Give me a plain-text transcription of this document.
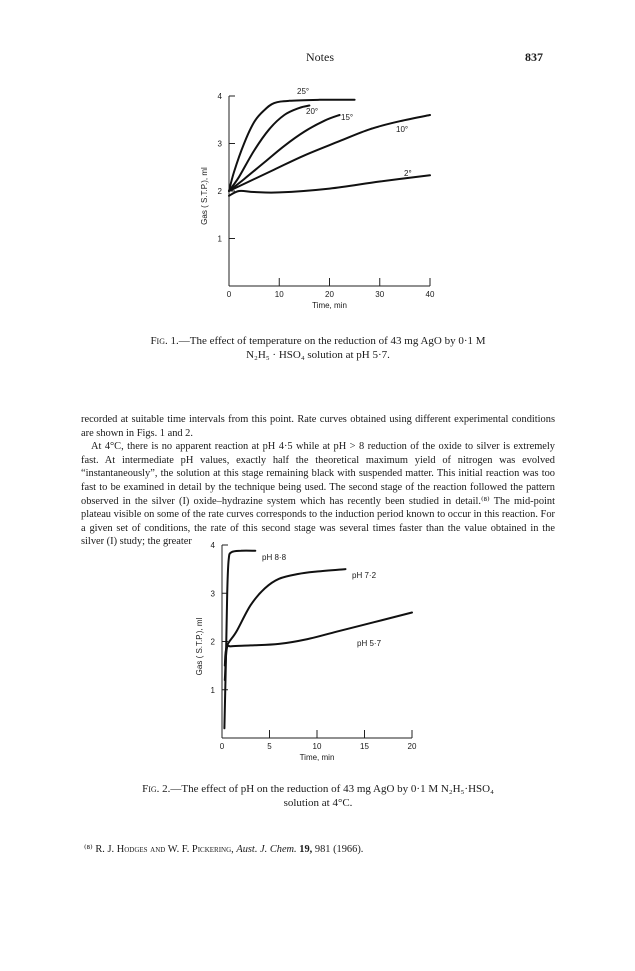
Notes	837
1
2
3
4
0	10	20	30	40
Time, min
Gas ( S.T.P.), ml
25°
20°
15°
10°
2°
Fig. 1.—The effect of temperature on the reduction of 43 mg AgO by 0·1 M
N₂H₅ · HSO₄ solution at pH 5·7.

recorded at suitable time intervals from this point. Rate curves obtained using different experimental conditions are shown in Figs. 1 and 2.

At 4°C, there is no apparent reaction at pH 4·5 while at pH > 8 reduction of the oxide to silver is extremely fast. At intermediate pH values, exactly half the theoretical maximum yield of nitrogen was evolved “instantaneously”, the solution at this stage remaining black with suspended matter. This initial reaction was too fast to be examined in detail by the technique being used. The second stage of the reaction followed the pattern observed in the silver (I) oxide–hydrazine system which has recently been studied in detail.⁽⁸⁾ The mid-point plateau visible on some of the rate curves corresponds to the induction period known to occur in this reaction. For a given set of conditions, the rate of this second stage was several times faster than the value obtained in the silver (I) study; the greater

1
2
3
4
0	5	10	15	20
Time, min
Gas ( S.T.P.), ml
pH 8·8
pH 7·2
pH 5·7
Fig. 2.—The effect of pH on the reduction of 43 mg AgO by 0·1 M N₂H₅·HSO₄
solution at 4°C.
⁽⁸⁾ R. J. Hodges and W. F. Pickering, Aust. J. Chem. 19, 981 (1966).
